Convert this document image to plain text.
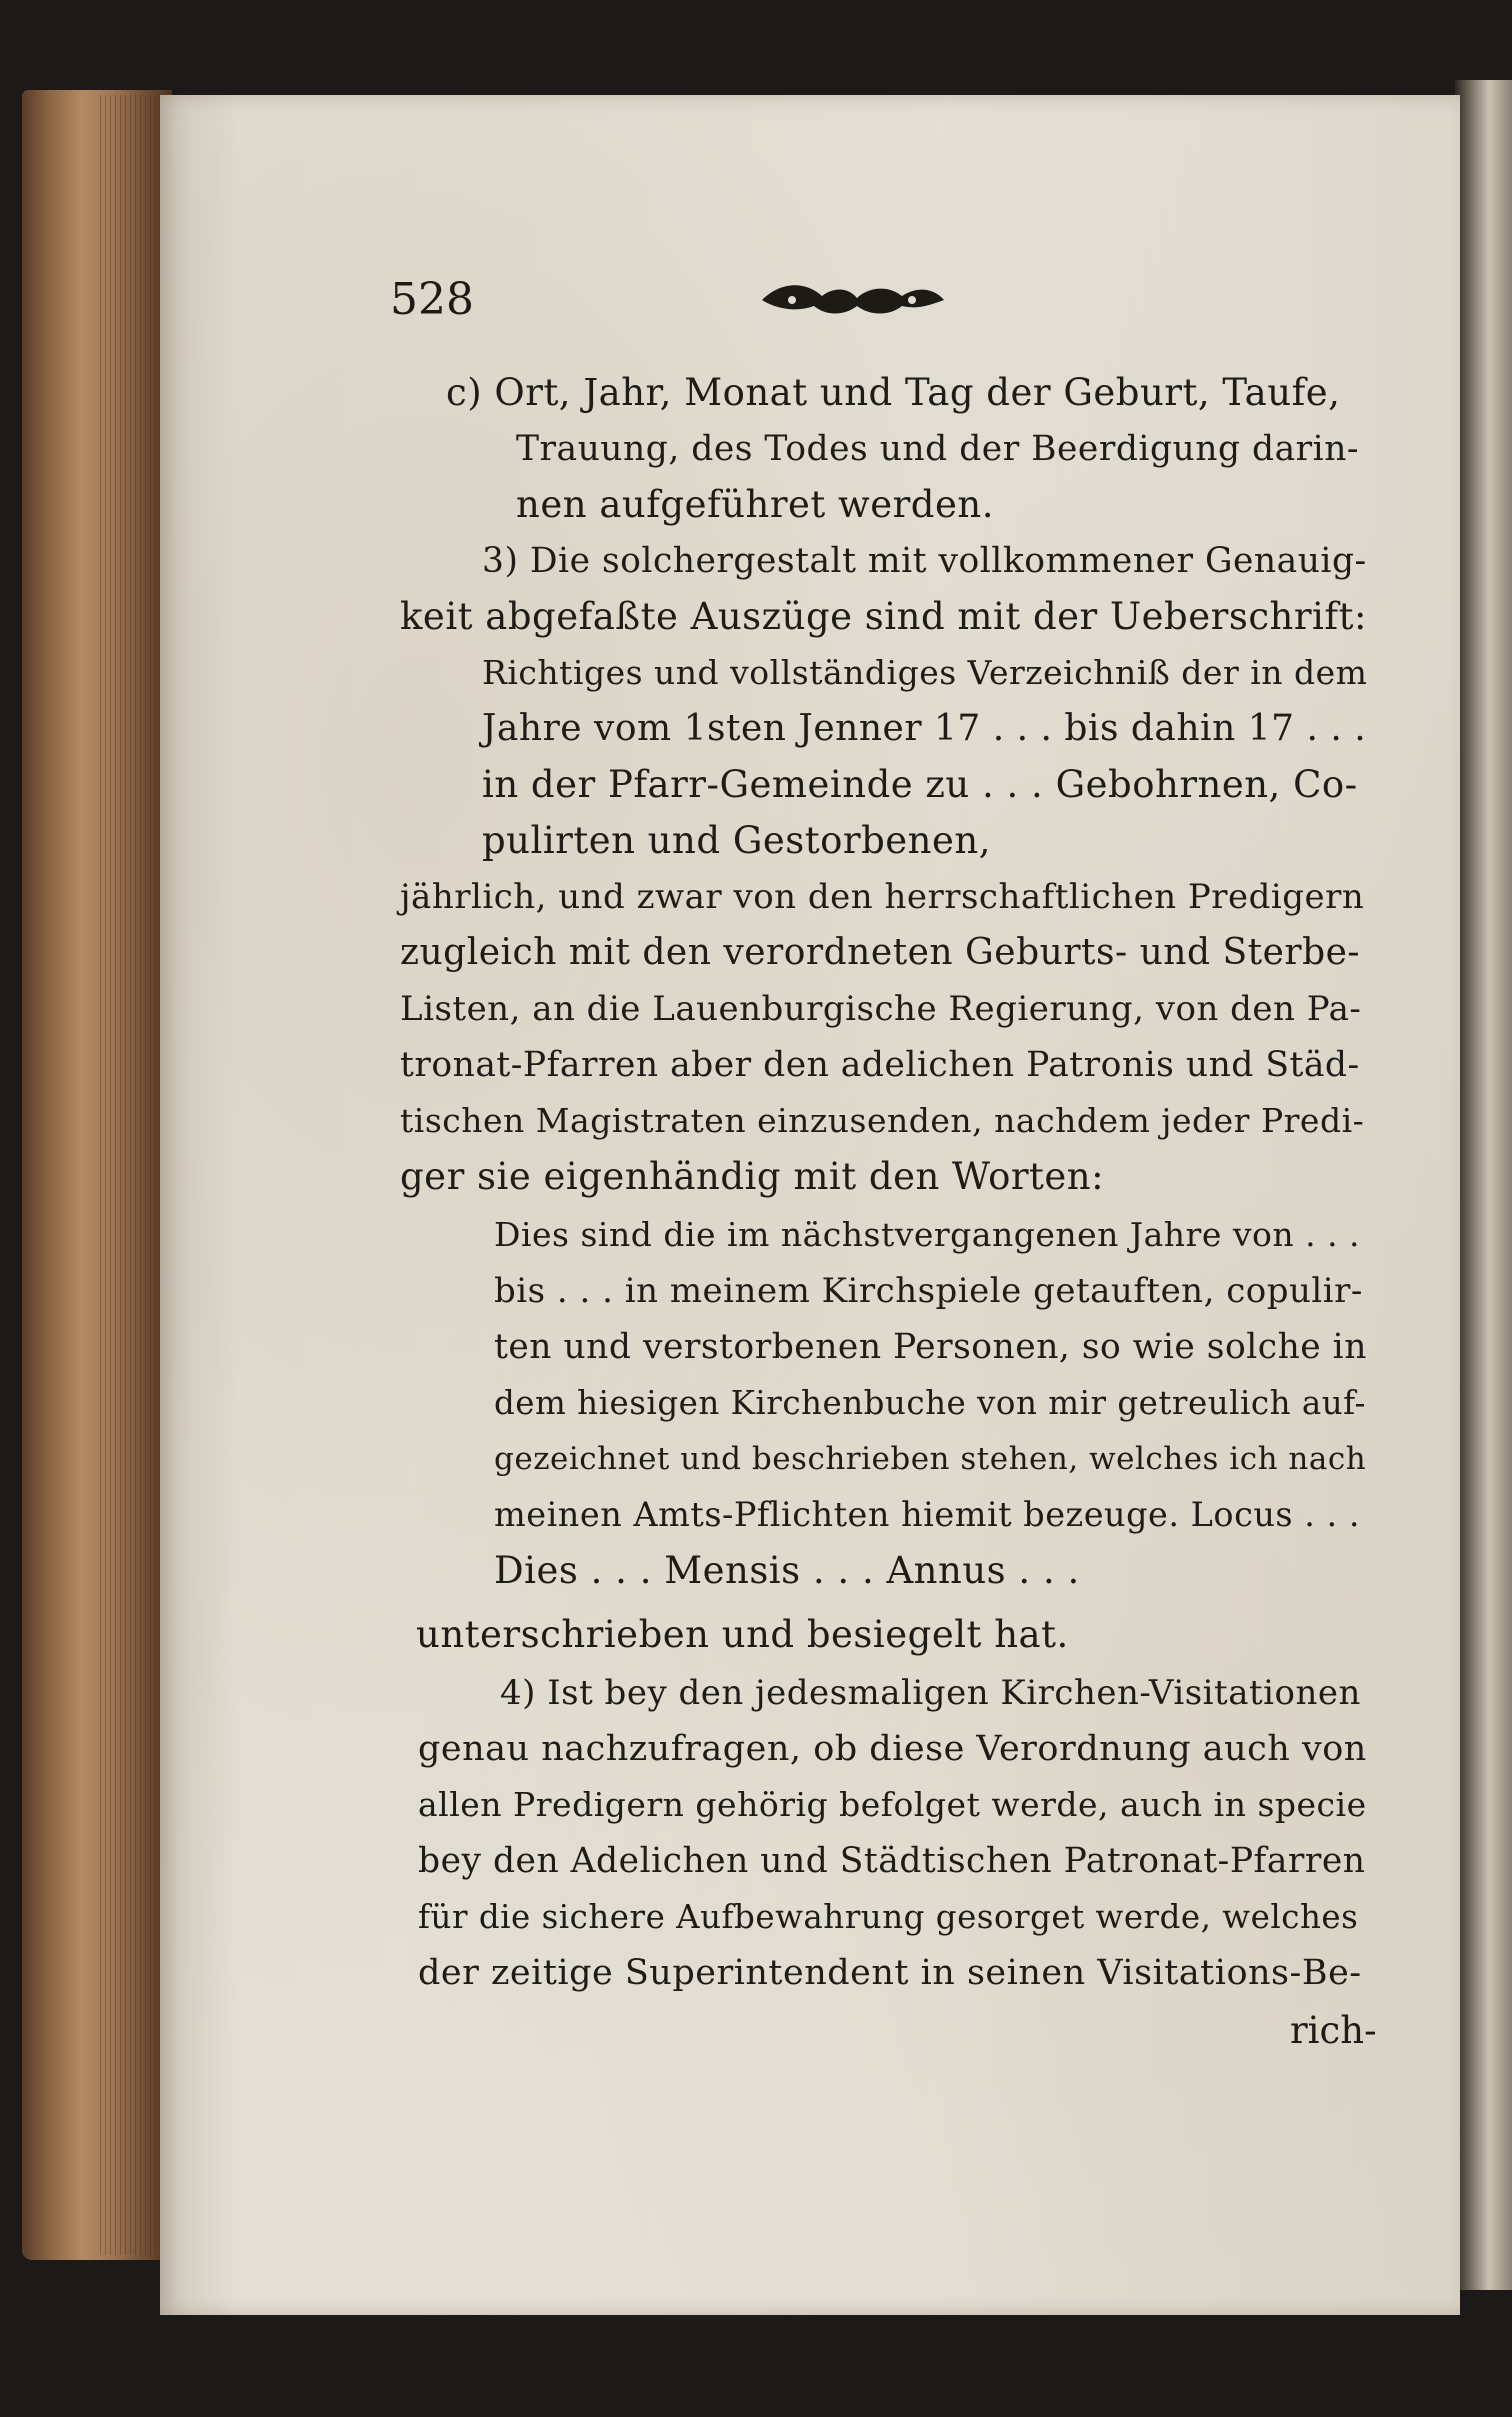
528
c) Ort, Jahr, Monat und Tag der Geburt, Taufe,
Trauung, des Todes und der Beerdigung darin-
nen aufgeführet werden.
3) Die solchergestalt mit vollkommener Genauig-
keit abgefaßte Auszüge sind mit der Ueberschrift:
Richtiges und vollständiges Verzeichniß der in dem
Jahre vom 1sten Jenner 17 . . . bis dahin 17 . . .
in der Pfarr-Gemeinde zu . . . Gebohrnen, Co-
pulirten und Gestorbenen,
jährlich, und zwar von den herrschaftlichen Predigern
zugleich mit den verordneten Geburts- und Sterbe-
Listen, an die Lauenburgische Regierung, von den Pa-
tronat-Pfarren aber den adelichen Patronis und Städ-
tischen Magistraten einzusenden, nachdem jeder Predi-
ger sie eigenhändig mit den Worten:
Dies sind die im nächstvergangenen Jahre von . . .
bis . . . in meinem Kirchspiele getauften, copulir-
ten und verstorbenen Personen, so wie solche in
dem hiesigen Kirchenbuche von mir getreulich auf-
gezeichnet und beschrieben stehen, welches ich nach
meinen Amts-Pflichten hiemit bezeuge. Locus . . .
Dies . . . Mensis . . . Annus . . .
unterschrieben und besiegelt hat.
4) Ist bey den jedesmaligen Kirchen-Visitationen
genau nachzufragen, ob diese Verordnung auch von
allen Predigern gehörig befolget werde, auch in specie
bey den Adelichen und Städtischen Patronat-Pfarren
für die sichere Aufbewahrung gesorget werde, welches
der zeitige Superintendent in seinen Visitations-Be-
rich-
